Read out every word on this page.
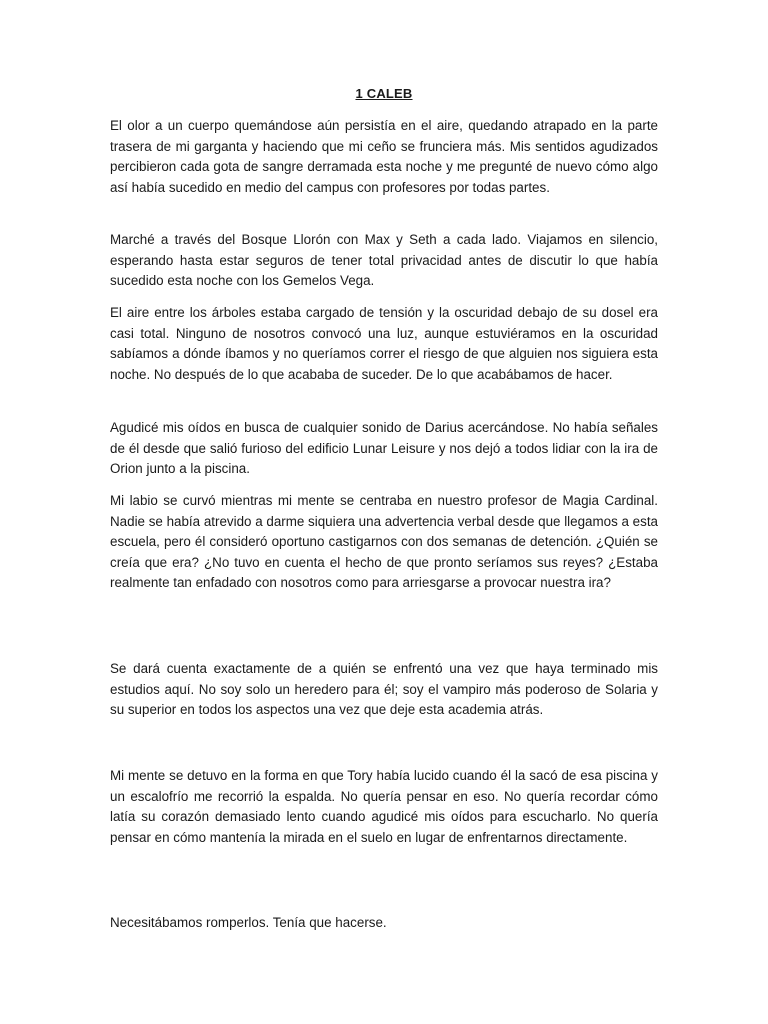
1 CALEB

El olor a un cuerpo quemándose aún persistía en el aire, quedando atrapado en la parte trasera de mi garganta y haciendo que mi ceño se frunciera más. Mis sentidos agudizados percibieron cada gota de sangre derramada esta noche y me pregunté de nuevo cómo algo así había sucedido en medio del campus con profesores por todas partes.

Marché a través del Bosque Llorón con Max y Seth a cada lado. Viajamos en silencio, esperando hasta estar seguros de tener total privacidad antes de discutir lo que había sucedido esta noche con los Gemelos Vega.

El aire entre los árboles estaba cargado de tensión y la oscuridad debajo de su dosel era casi total. Ninguno de nosotros convocó una luz, aunque estuviéramos en la oscuridad sabíamos a dónde íbamos y no queríamos correr el riesgo de que alguien nos siguiera esta noche. No después de lo que acababa de suceder. De lo que acabábamos de hacer.

Agudicé mis oídos en busca de cualquier sonido de Darius acercándose. No había señales de él desde que salió furioso del edificio Lunar Leisure y nos dejó a todos lidiar con la ira de Orion junto a la piscina.

Mi labio se curvó mientras mi mente se centraba en nuestro profesor de Magia Cardinal. Nadie se había atrevido a darme siquiera una advertencia verbal desde que llegamos a esta escuela, pero él consideró oportuno castigarnos con dos semanas de detención. ¿Quién se creía que era? ¿No tuvo en cuenta el hecho de que pronto seríamos sus reyes? ¿Estaba realmente tan enfadado con nosotros como para arriesgarse a provocar nuestra ira?

Se dará cuenta exactamente de a quién se enfrentó una vez que haya terminado mis estudios aquí. No soy solo un heredero para él; soy el vampiro más poderoso de Solaria y su superior en todos los aspectos una vez que deje esta academia atrás.

Mi mente se detuvo en la forma en que Tory había lucido cuando él la sacó de esa piscina y un escalofrío me recorrió la espalda. No quería pensar en eso. No quería recordar cómo latía su corazón demasiado lento cuando agudicé mis oídos para escucharlo. No quería pensar en cómo mantenía la mirada en el suelo en lugar de enfrentarnos directamente.

Necesitábamos romperlos. Tenía que hacerse.
